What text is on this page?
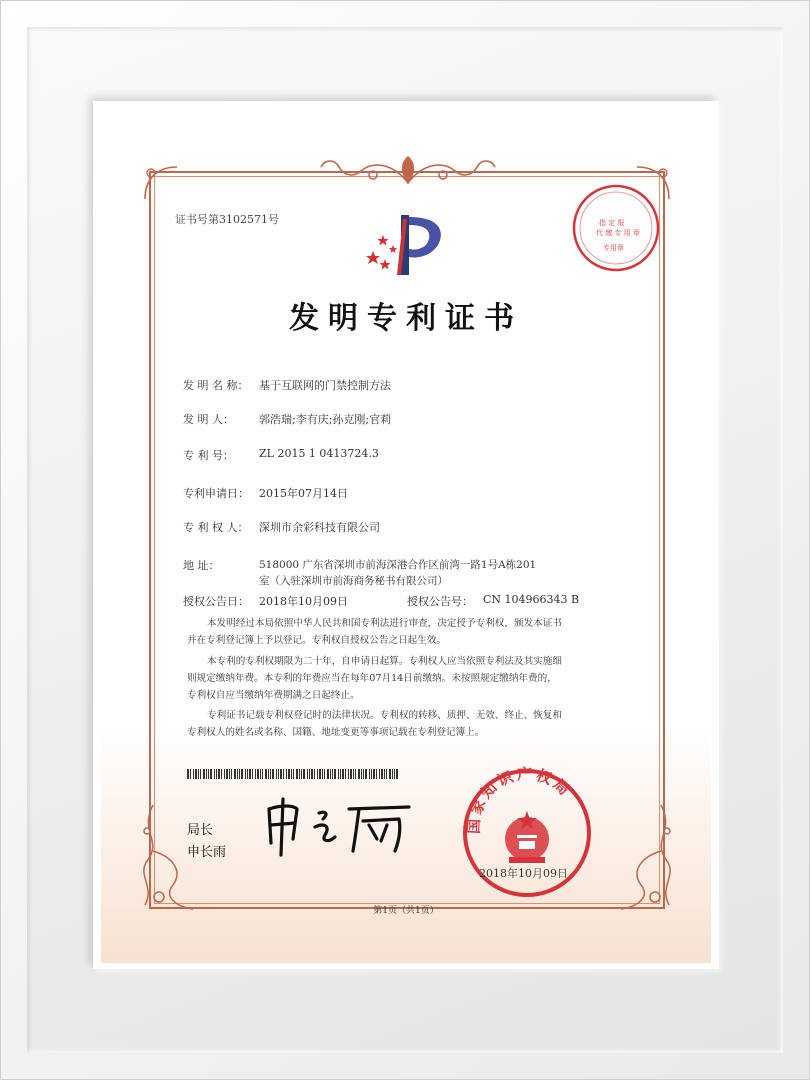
证书号第3102571号	指 定 报
代 缴 专 用 章
专用章
发明专利证书
发 明 名 称： 基于互联网的门禁控制方法
发 明 人： 郭浩瑞;李有庆;孙克刚;官莉
专 利 号： ZL 2015 1 0413724.3
专利申请日： 2015年07月14日
专 利 权 人： 深圳市余彩科技有限公司
地 址：	518000 广东省深圳市前海深港合作区前湾一路1号A栋201
室（入驻深圳市前海商务秘书有限公司）
授权公告日： 2018年10月09日	授权公告号： CN 104966343 B
本发明经过本局依照中华人民共和国专利法进行审查，决定授予专利权，颁发本证书
并在专利登记簿上予以登记。专利权自授权公告之日起生效。
本专利的专利权期限为二十年，自申请日起算。专利权人应当依照专利法及其实施细
则规定缴纳年费。本专利的年费应当在每年07月14日前缴纳。未按照规定缴纳年费的，
专利权自应当缴纳年费期满之日起终止。
专利证书记载专利权登记时的法律状况。专利权的转移、质押、无效、终止、恢复和
专利权人的姓名或名称、国籍、地址变更等事项记载在专利登记簿上。
局长
申长雨
国家知识产权局
2018年10月09日
第1页（共1页）
